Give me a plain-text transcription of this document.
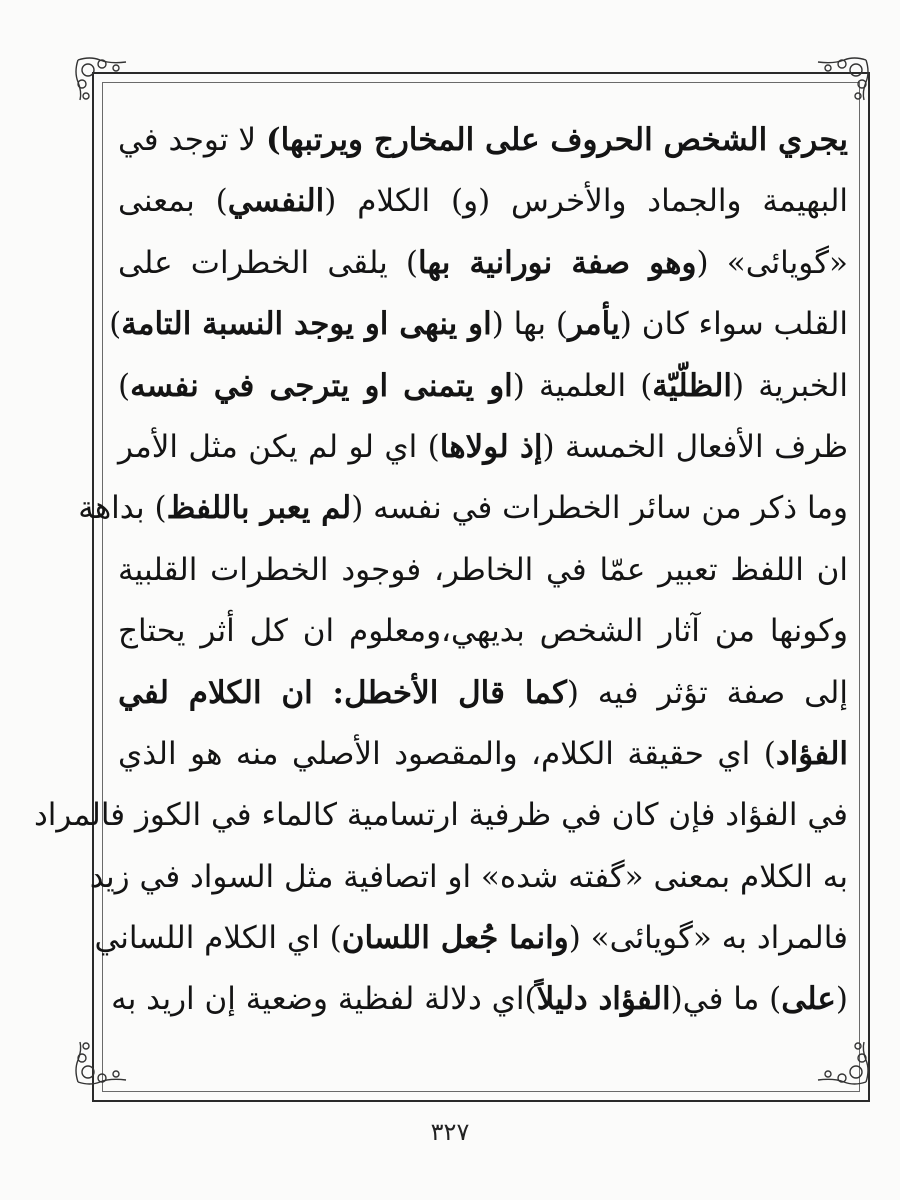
يجري الشخص الحروف على المخارج ويرتبها) لا توجد في
البهيمة والجماد والأخرس (و) الكلام (النفسي) بمعنى
«گويائى» (وهو صفة نورانية بها) يلقى الخطرات على
القلب سواء كان (يأمر) بها (او ينهى او يوجد النسبة التامة)
الخبرية (الظلّيّة) العلمية (او يتمنى او يترجى في نفسه)
ظرف الأفعال الخمسة (إذ لولاها) اي لو لم يكن مثل الأمر
وما ذكر من سائر الخطرات في نفسه (لم يعبر باللفظ) بداهة
ان اللفظ تعبير عمّا في الخاطر، فوجود الخطرات القلبية
وكونها من آثار الشخص بديهي،ومعلوم ان كل أثر يحتاج
إلى صفة تؤثر فيه (كما قال الأخطل: ان الكلام لفي
الفؤاد) اي حقيقة الكلام، والمقصود الأصلي منه هو الذي
في الفؤاد فإن كان في ظرفية ارتسامية كالماء في الكوز فالمراد
به الكلام بمعنى «گفته شده» او اتصافية مثل السواد في زيد
فالمراد به «گويائى» (وانما جُعل اللسان) اي الكلام اللساني
(على) ما في(الفؤاد دليلاً)اي دلالة لفظية وضعية إن اريد به
٣٢٧
